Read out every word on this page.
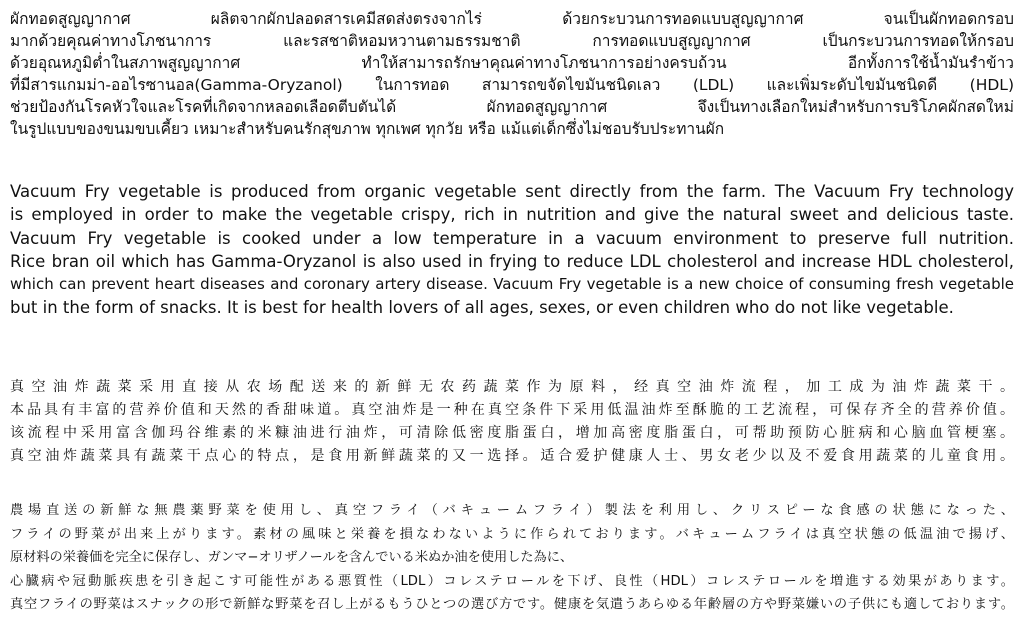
ผักทอดสูญญากาศ ผลิตจากผักปลอดสารเคมีสดส่งตรงจากไร่ ด้วยกระบวนการทอดแบบสูญญากาศ จนเป็นผักทอดกรอบ
มากด้วยคุณค่าทางโภชนาการ และรสชาติหอมหวานตามธรรมชาติ การทอดแบบสูญญากาศ เป็นกระบวนการทอดให้กรอบ
ด้วยอุณหภูมิต่ำในสภาพสูญญากาศ ทำให้สามารถรักษาคุณค่าทางโภชนาการอย่างครบถ้วน อีกทั้งการใช้น้ำมันรำข้าว
ที่มีสารแกมม่า-ออไรซานอล(Gamma-Oryzanol) ในการทอด สามารถขจัดไขมันชนิดเลว (LDL) และเพิ่มระดับไขมันชนิดดี (HDL)
ช่วยป้องกันโรคหัวใจและโรคที่เกิดจากหลอดเลือดตีบตันได้ ผักทอดสูญญากาศ จึงเป็นทางเลือกใหม่สำหรับการบริโภคผักสดใหม่
ในรูปแบบของขนมขบเคี้ยว เหมาะสำหรับคนรักสุขภาพ ทุกเพศ ทุกวัย หรือ แม้แต่เด็กซึ่งไม่ชอบรับประทานผัก
Vacuum Fry vegetable is produced from organic vegetable sent directly from the farm. The Vacuum Fry technology
is employed in order to make the vegetable crispy, rich in nutrition and give the natural sweet and delicious taste.
Vacuum Fry vegetable is cooked under a low temperature in a vacuum environment to preserve full nutrition.
Rice bran oil which has Gamma-Oryzanol is also used in frying to reduce LDL cholesterol and increase HDL cholesterol,
which can prevent heart diseases and coronary artery disease. Vacuum Fry vegetable is a new choice of consuming fresh vegetable
but in the form of snacks. It is best for health lovers of all ages, sexes, or even children who do not like vegetable.
真空油炸蔬菜采用直接从农场配送来的新鲜无农药蔬菜作为原料，经真空油炸流程，加工成为油炸蔬菜干。
本品具有丰富的营养价值和天然的香甜味道。真空油炸是一种在真空条件下采用低温油炸至酥脆的工艺流程，可保存齐全的营养价值。
该流程中采用富含伽玛谷维素的米糠油进行油炸，可清除低密度脂蛋白，增加高密度脂蛋白，可帮助预防心脏病和心脑血管梗塞。
真空油炸蔬菜具有蔬菜干点心的特点，是食用新鲜蔬菜的又一选择。适合爱护健康人士、男女老少以及不爱食用蔬菜的儿童食用。
農場直送の新鮮な無農薬野菜を使用し、真空フライ（バキュームフライ）製法を利用し、クリスピーな食感の状態になった、
フライの野菜が出来上がります。素材の風味と栄養を損なわないように作られております。バキュームフライは真空状態の低温油で揚げ、
原材料の栄養価を完全に保存し、ガンマ−オリザノールを含んでいる米ぬか油を使用した為に、
心臓病や冠動脈疾患を引き起こす可能性がある悪質性（LDL）コレステロールを下げ、良性（HDL）コレステロールを増進する効果があります。
真空フライの野菜はスナックの形で新鮮な野菜を召し上がるもうひとつの選び方です。健康を気遣うあらゆる年齢層の方や野菜嫌いの子供にも適しております。
